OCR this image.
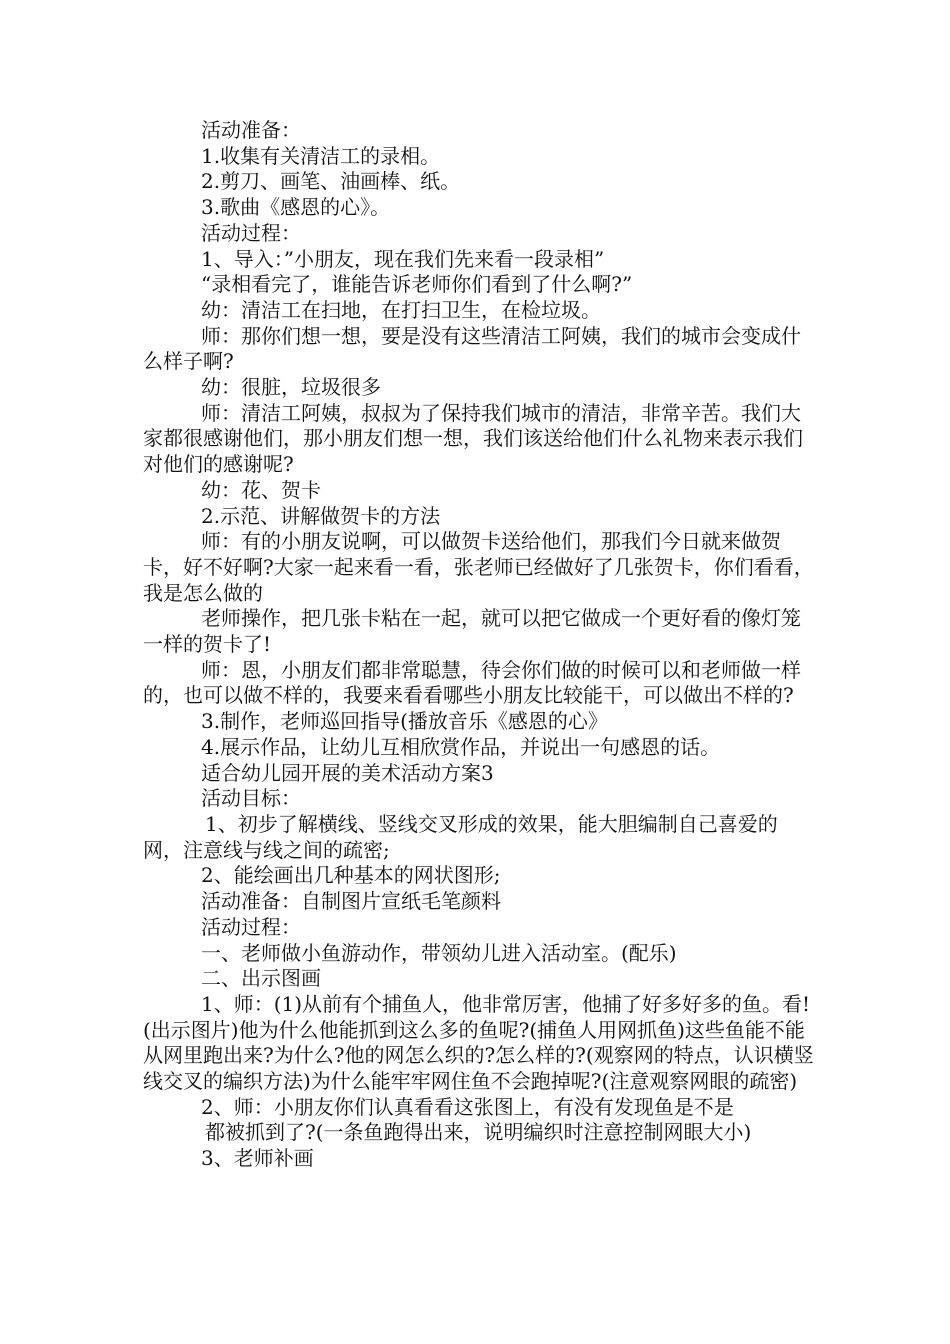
活动准备：

1.收集有关清洁工的录相。

2.剪刀、画笔、油画棒、纸。

3.歌曲《感恩的心》。

活动过程：

1、导入：”小朋友，现在我们先来看一段录相”

“录相看完了，谁能告诉老师你们看到了什么啊?”

幼：清洁工在扫地，在打扫卫生，在检垃圾。

师：那你们想一想，要是没有这些清洁工阿姨，我们的城市会变成什么样子啊?

幼：很脏，垃圾很多

师：清洁工阿姨，叔叔为了保持我们城市的清洁，非常辛苦。我们大家都很感谢他们，那小朋友们想一想，我们该送给他们什么礼物来表示我们对他们的感谢呢?

幼：花、贺卡

2.示范、讲解做贺卡的方法

师：有的小朋友说啊，可以做贺卡送给他们，那我们今日就来做贺卡，好不好啊?大家一起来看一看，张老师已经做好了几张贺卡，你们看看，我是怎么做的

老师操作，把几张卡粘在一起，就可以把它做成一个更好看的像灯笼一样的贺卡了!

师：恩，小朋友们都非常聪慧，待会你们做的时候可以和老师做一样的，也可以做不样的，我要来看看哪些小朋友比较能干，可以做出不样的?

3.制作，老师巡回指导(播放音乐《感恩的心》

4.展示作品，让幼儿互相欣赏作品，并说出一句感恩的话。

适合幼儿园开展的美术活动方案3

活动目标：

1、初步了解横线、竖线交叉形成的效果，能大胆编制自己喜爱的网，注意线与线之间的疏密;

2、能绘画出几种基本的网状图形;

活动准备：自制图片宣纸毛笔颜料

活动过程：

一、老师做小鱼游动作，带领幼儿进入活动室。(配乐)

二、出示图画

1、师：(1)从前有个捕鱼人，他非常厉害，他捕了好多好多的鱼。看!(出示图片)他为什么他能抓到这么多的鱼呢?(捕鱼人用网抓鱼)这些鱼能不能从网里跑出来?为什么?他的网怎么织的?怎么样的?(观察网的特点，认识横竖线交叉的编织方法)为什么能牢牢网住鱼不会跑掉呢?(注意观察网眼的疏密)

2、师：小朋友你们认真看看这张图上，有没有发现鱼是不是

都被抓到了?(一条鱼跑得出来，说明编织时注意控制网眼大小)

3、老师补画
